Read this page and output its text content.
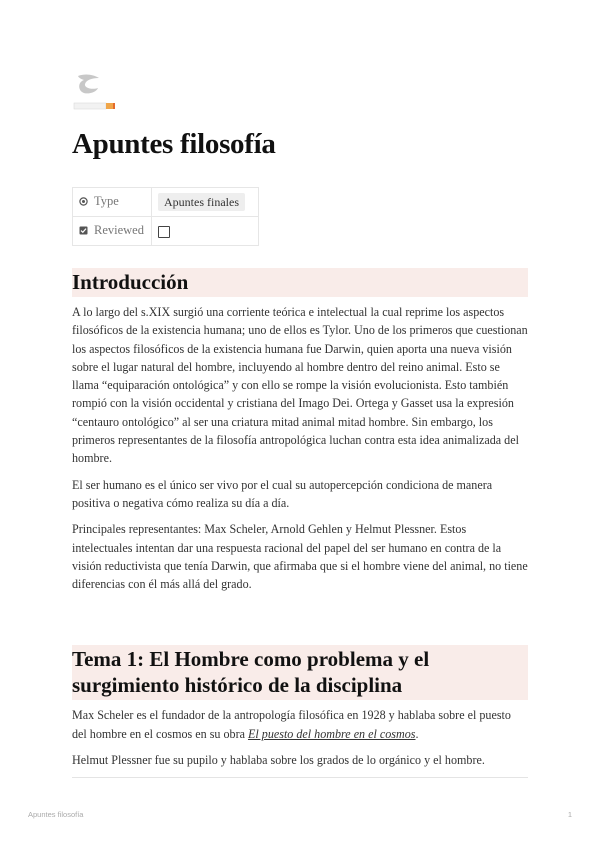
Apuntes filosofía
Type	Apuntes finales
Reviewed	
Introducción

A lo largo del s.XIX surgió una corriente teórica e intelectual la cual reprime los aspectos filosóficos de la existencia humana; uno de ellos es Tylor. Uno de los primeros que cuestionan los aspectos filosóficos de la existencia humana fue Darwin, quien aporta una nueva visión sobre el lugar natural del hombre, incluyendo al hombre dentro del reino animal. Esto se llama “equiparación ontológica” y con ello se rompe la visión evolucionista. Esto también rompió con la visión occidental y cristiana del Imago Dei. Ortega y Gasset usa la expresión “centauro ontológico” al ser una criatura mitad animal mitad hombre. Sin embargo, los primeros representantes de la filosofía antropológica luchan contra esta idea animalizada del hombre.

El ser humano es el único ser vivo por el cual su autopercepción condiciona de manera positiva o negativa cómo realiza su día a día.

Principales representantes: Max Scheler, Arnold Gehlen y Helmut Plessner. Estos intelectuales intentan dar una respuesta racional del papel del ser humano en contra de la visión reductivista que tenía Darwin, que afirmaba que si el hombre viene del animal, no tiene diferencias con él más allá del grado.

Tema 1: El Hombre como problema y el surgimiento histórico de la disciplina

Max Scheler es el fundador de la antropología filosófica en 1928 y hablaba sobre el puesto del hombre en el cosmos en su obra El puesto del hombre en el cosmos.

Helmut Plessner fue su pupilo y hablaba sobre los grados de lo orgánico y el hombre.

Apuntes filosofía	1
